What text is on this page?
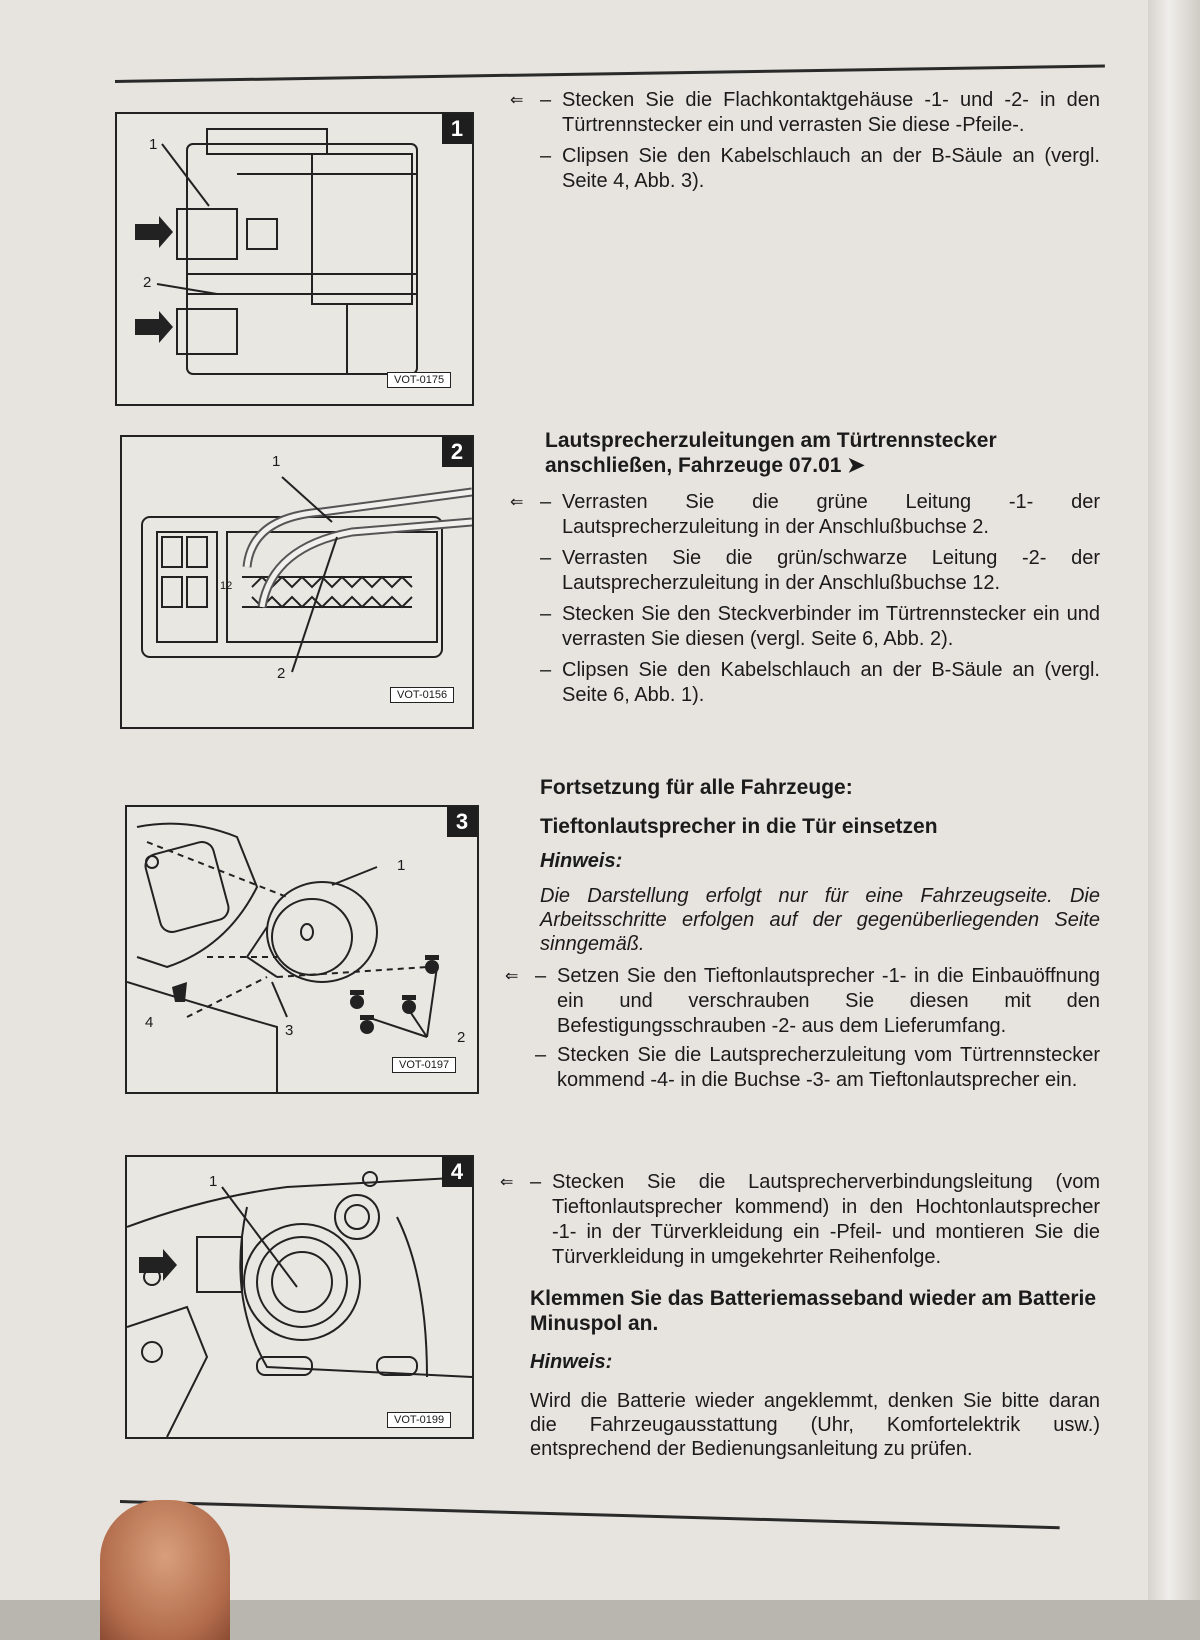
1
2
1
VOT-0175
1
2
12
2
VOT-0156
1
2
3
4
3
VOT-0197
1	4
VOT-0199
⇐ – Stecken Sie die Flachkontaktgehäuse -1- und -2- in den Türtrennstecker ein und verrasten Sie diese -Pfeile-.
– Clipsen Sie den Kabelschlauch an der B-Säule an (vergl. Seite 4, Abb. 3).
Lautsprecherzuleitungen am Türtrennstecker anschließen, Fahrzeuge 07.01 ➤
⇐ – Verrasten Sie die grüne Leitung -1- der Lautsprecherzuleitung in der Anschlußbuchse 2.
– Verrasten Sie die grün/schwarze Leitung -2- der Lautsprecherzuleitung in der Anschlußbuchse 12.
– Stecken Sie den Steckverbinder im Türtrennstecker ein und verrasten Sie diesen (vergl. Seite 6, Abb. 2).
– Clipsen Sie den Kabelschlauch an der B-Säule an (vergl. Seite 6, Abb. 1).
Fortsetzung für alle Fahrzeuge:
Tieftonlautsprecher in die Tür einsetzen
Hinweis:
Die Darstellung erfolgt nur für eine Fahrzeugseite. Die Arbeitsschritte erfolgen auf der gegenüberliegenden Seite sinngemäß.
⇐ – Setzen Sie den Tieftonlautsprecher -1- in die Einbauöffnung ein und verschrauben Sie diesen mit den Befestigungsschrauben -2- aus dem Lieferumfang.
– Stecken Sie die Lautsprecherzuleitung vom Türtrennstecker kommend -4- in die Buchse -3- am Tieftonlautsprecher ein.
⇐ – Stecken Sie die Lautsprecherverbindungsleitung (vom Tieftonlautsprecher kommend) in den Hochtonlautsprecher -1- in der Türverkleidung ein -Pfeil- und montieren Sie die Türverkleidung in umgekehrter Reihenfolge.
Klemmen Sie das Batteriemasseband wieder am Batterie Minuspol an.
Hinweis:
Wird die Batterie wieder angeklemmt, denken Sie bitte daran die Fahrzeugausstattung (Uhr, Komfortelektrik usw.) entsprechend der Bedienungsanleitung zu prüfen.
